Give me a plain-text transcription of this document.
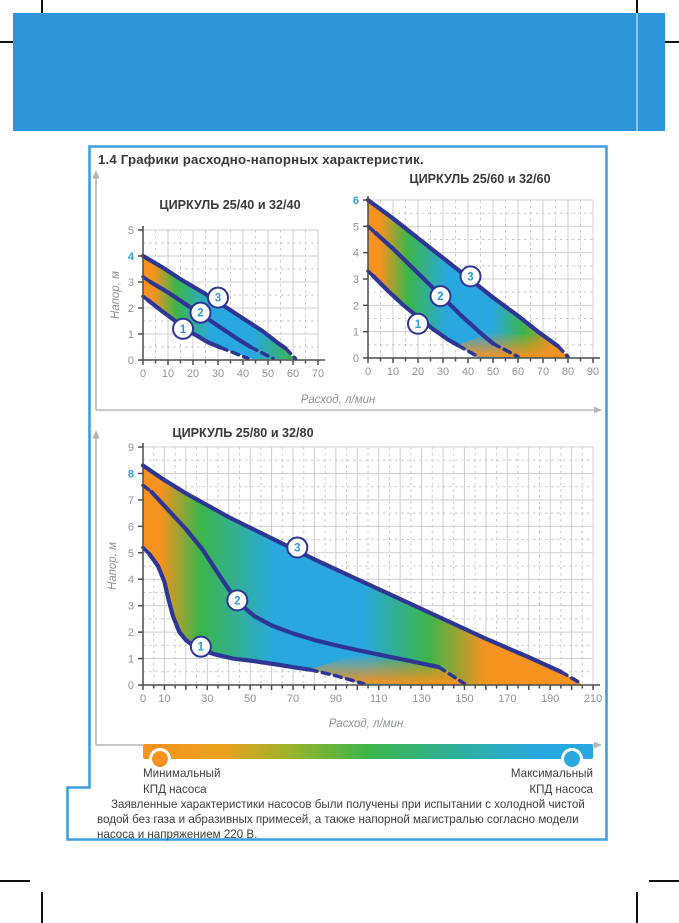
1.4 Графики расходно-напорных характеристик.
Расход, л/мин
0 10 20 30 40 50 60 70
0
1
2
3
4
5
1
2
3
ЦИРКУЛЬ 25/40 и 32/40
Напор, м
0 10 20 30 40 50 60 70 80 90
0
1
2
3
4
5
6
1
2
3
ЦИРКУЛЬ 25/60 и 32/60
0 10	30	50	70	90	110 130 150 170 190 210
0
1
2
3
4
5
6
7
8
9
1
2
3
ЦИРКУЛЬ 25/80 и 32/80
Напор, м
Расход, л/мин
Минимальный
КПД насоса
Максимальный
КПД насоса

Заявленные характеристики насосов были получены при испытании с холодной чистой водой без газа и абразивных примесей, а также напорной магистралью согласно модели насоса и напряжением 220 В.
